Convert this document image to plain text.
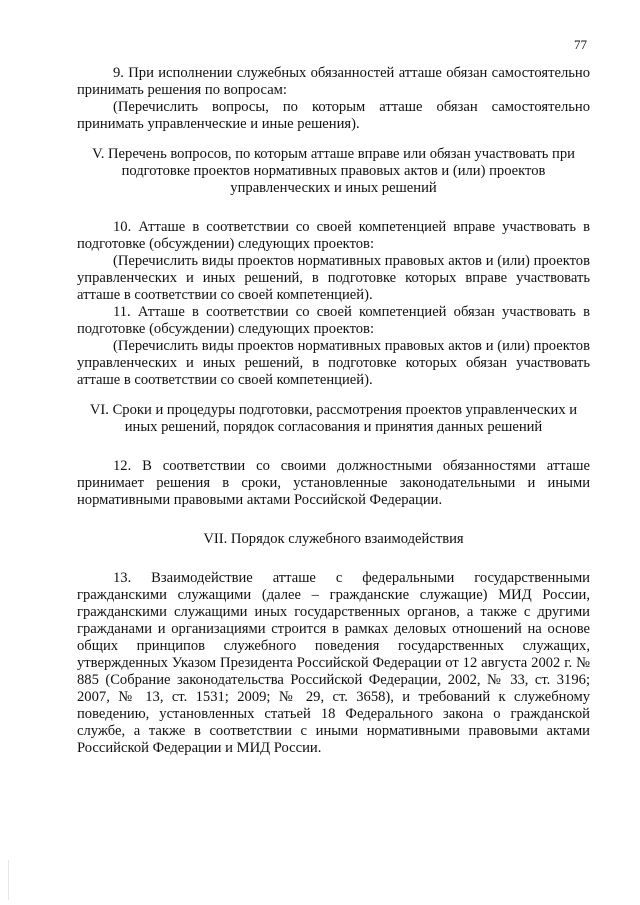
77

9. При исполнении служебных обязанностей атташе обязан самостоятельно принимать решения по вопросам:

(Перечислить вопросы, по которым атташе обязан самостоятельно принимать управленческие и иные решения).

V. Перечень вопросов, по которым атташе вправе или обязан участвовать при подготовке проектов нормативных правовых актов и (или) проектов управленческих и иных решений

10. Атташе в соответствии со своей компетенцией вправе участвовать в подготовке (обсуждении) следующих проектов:

(Перечислить виды проектов нормативных правовых актов и (или) проектов управленческих и иных решений, в подготовке которых вправе участвовать атташе в соответствии со своей компетенцией).

11. Атташе в соответствии со своей компетенцией обязан участвовать в подготовке (обсуждении) следующих проектов:

(Перечислить виды проектов нормативных правовых актов и (или) проектов управленческих и иных решений, в подготовке которых обязан участвовать атташе в соответствии со своей компетенцией).

VI. Сроки и процедуры подготовки, рассмотрения проектов управленческих и иных решений, порядок согласования и принятия данных решений

12. В соответствии со своими должностными обязанностями атташе принимает решения в сроки, установленные законодательными и иными нормативными правовыми актами Российской Федерации.

VII. Порядок служебного взаимодействия

13. Взаимодействие атташе с федеральными государственными гражданскими служащими (далее – гражданские служащие) МИД России, гражданскими служащими иных государственных органов, а также с другими гражданами и организациями строится в рамках деловых отношений на основе общих принципов служебного поведения государственных служащих, утвержденных Указом Президента Российской Федерации от 12 августа 2002 г. № 885 (Собрание законодательства Российской Федерации, 2002, № 33, ст. 3196; 2007, № 13, ст. 1531; 2009; № 29, ст. 3658), и требований к служебному поведению, установленных статьей 18 Федерального закона о гражданской службе, а также в соответствии с иными нормативными правовыми актами Российской Федерации и МИД России.
